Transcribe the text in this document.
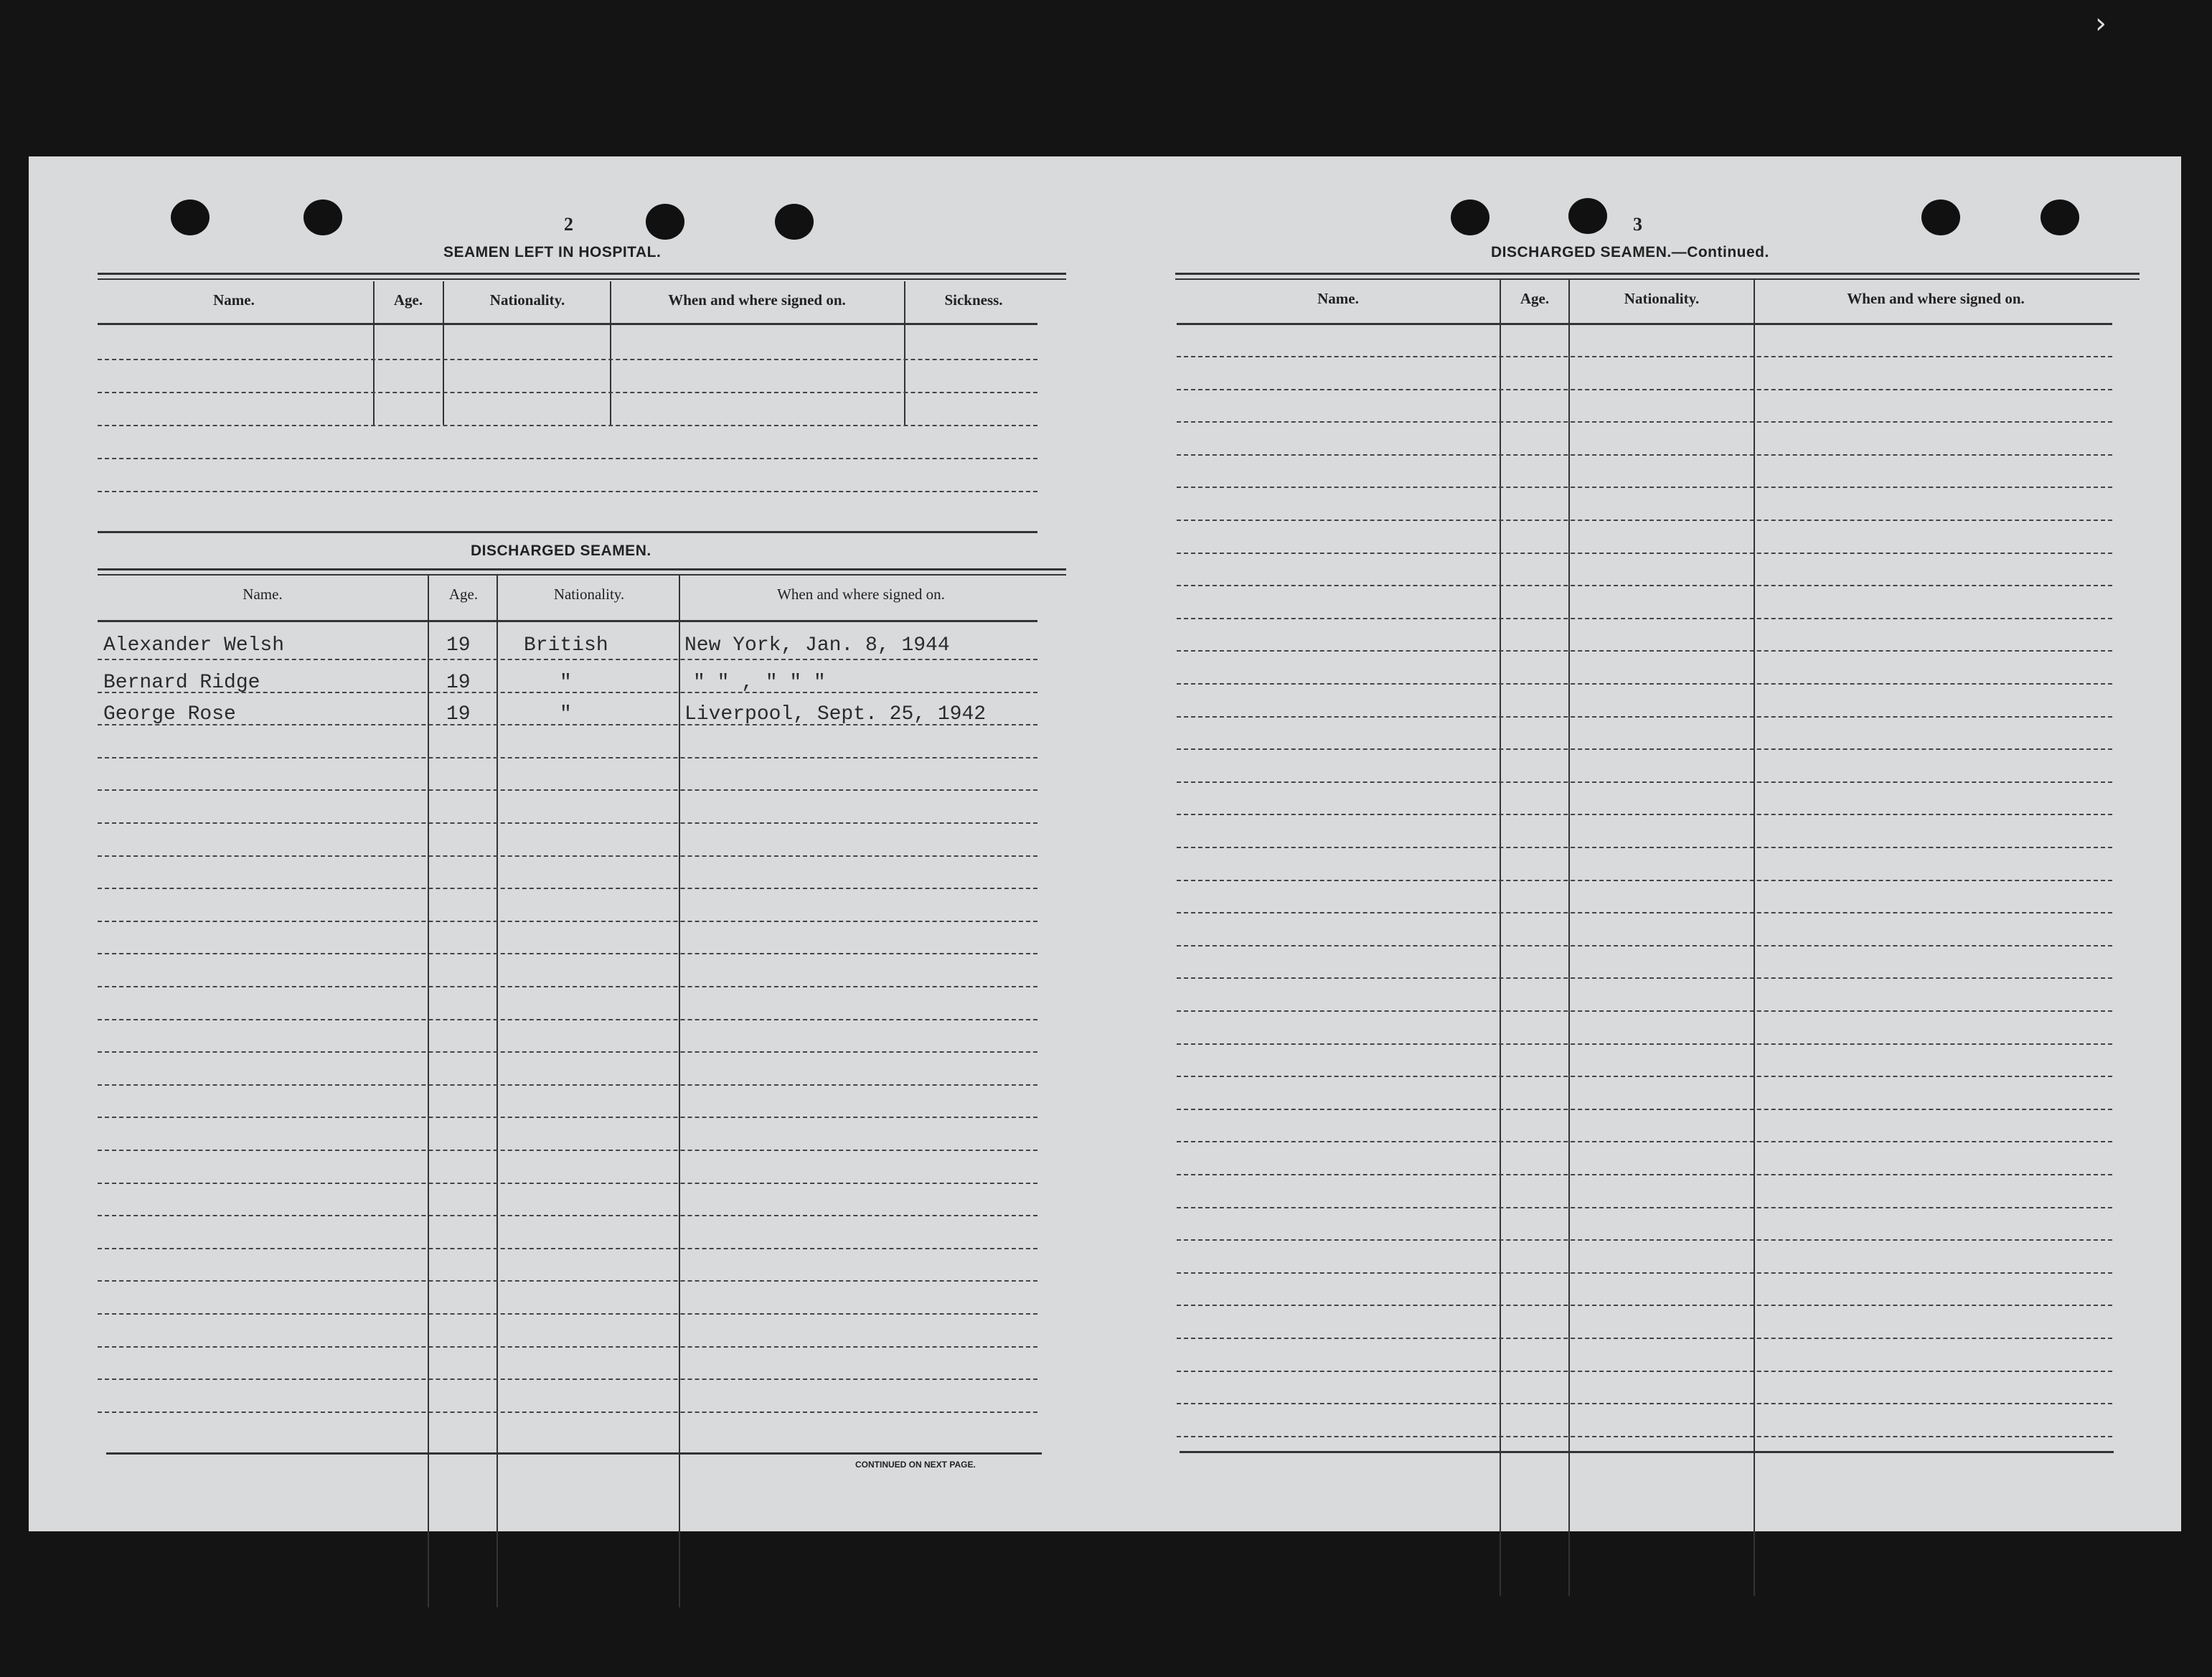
›
2
SEAMEN LEFT IN HOSPITAL.
Name.	Age.	Nationality.	When and where signed on.	Sickness.
DISCHARGED SEAMEN.
Name.	Age.	Nationality.	When and where signed on.
Alexander Welsh	19	British	New York, Jan. 8, 1944
Bernard Ridge	19	"	" " , " " "
George Rose	19	"	Liverpool, Sept. 25, 1942
CONTINUED ON NEXT PAGE.
3
DISCHARGED SEAMEN.—Continued.
Name.	Age.	Nationality.	When and where signed on.
